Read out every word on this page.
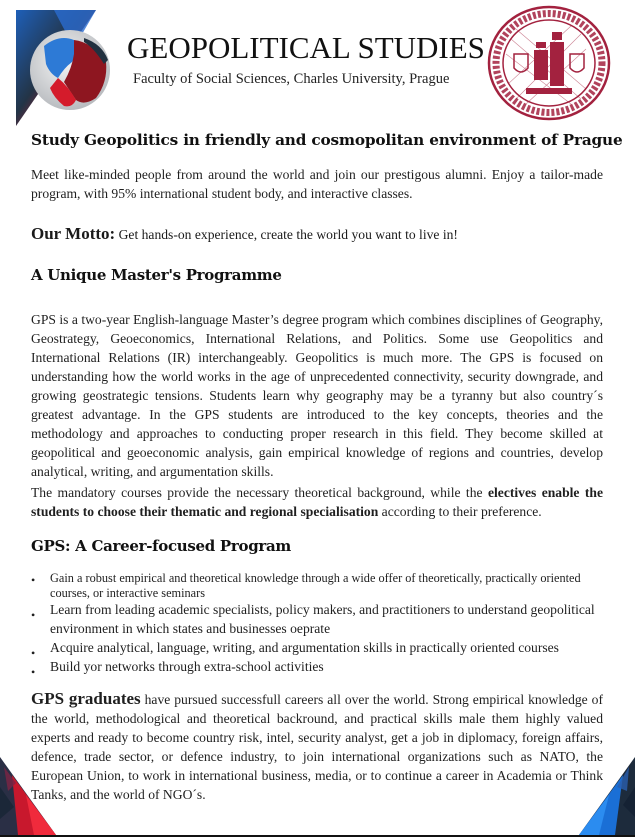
GEOPOLITICAL STUDIES
Faculty of Social Sciences, Charles University, Prague
Study Geopolitics in friendly and cosmopolitan environment of Prague

Meet like-minded people from around the world and join our prestigous alumni. Enjoy a tailor-made program, with 95% international student body, and interactive classes.

Our Motto: Get hands-on experience, create the world you want to live in!
A Unique Master's Programme

GPS is a two-year English-language Master’s degree program which combines disciplines of Geography, Geostrategy, Geoeconomics, International Relations, and Politics. Some use Geopolitics and International Relations (IR) interchangeably. Geopolitics is much more. The GPS is focused on understanding how the world works in the age of unprecedented connectivity, security downgrade, and growing geostrategic tensions. Students learn why geography may be a tyranny but also country´s greatest advantage. In the GPS students are introduced to the key concepts, theories and the methodology and approaches to conducting proper research in this field. They become skilled at geopolitical and geoeconomic analysis, gain empirical knowledge of regions and countries, develop analytical, writing, and argumentation skills.

The mandatory courses provide the necessary theoretical background, while the electives enable the students to choose their thematic and regional specialisation according to their preference.

GPS: A Career-focused Program
• Gain a robust empirical and theoretical knowledge through a wide offer of theoretically, practically oriented courses, or interactive seminars
• Learn from leading academic specialists, policy makers, and practitioners to understand geopolitical environment in which states and businesses oeprate
• Acquire analytical, language, writing, and argumentation skills in practically oriented courses
• Build yor networks through extra-school activities

GPS graduates have pursued successfull careers all over the world. Strong empirical knowledge of the world, methodological and theoretical backround, and practical skills male them highly valued experts and ready to become country risk, intel, security analyst, get a job in diplomacy, foreign affairs, defence, trade sector, or defence industry, to join international organizations such as NATO, the European Union, to work in international business, media, or to continue a career in Academia or Think Tanks, and the world of NGO´s.
